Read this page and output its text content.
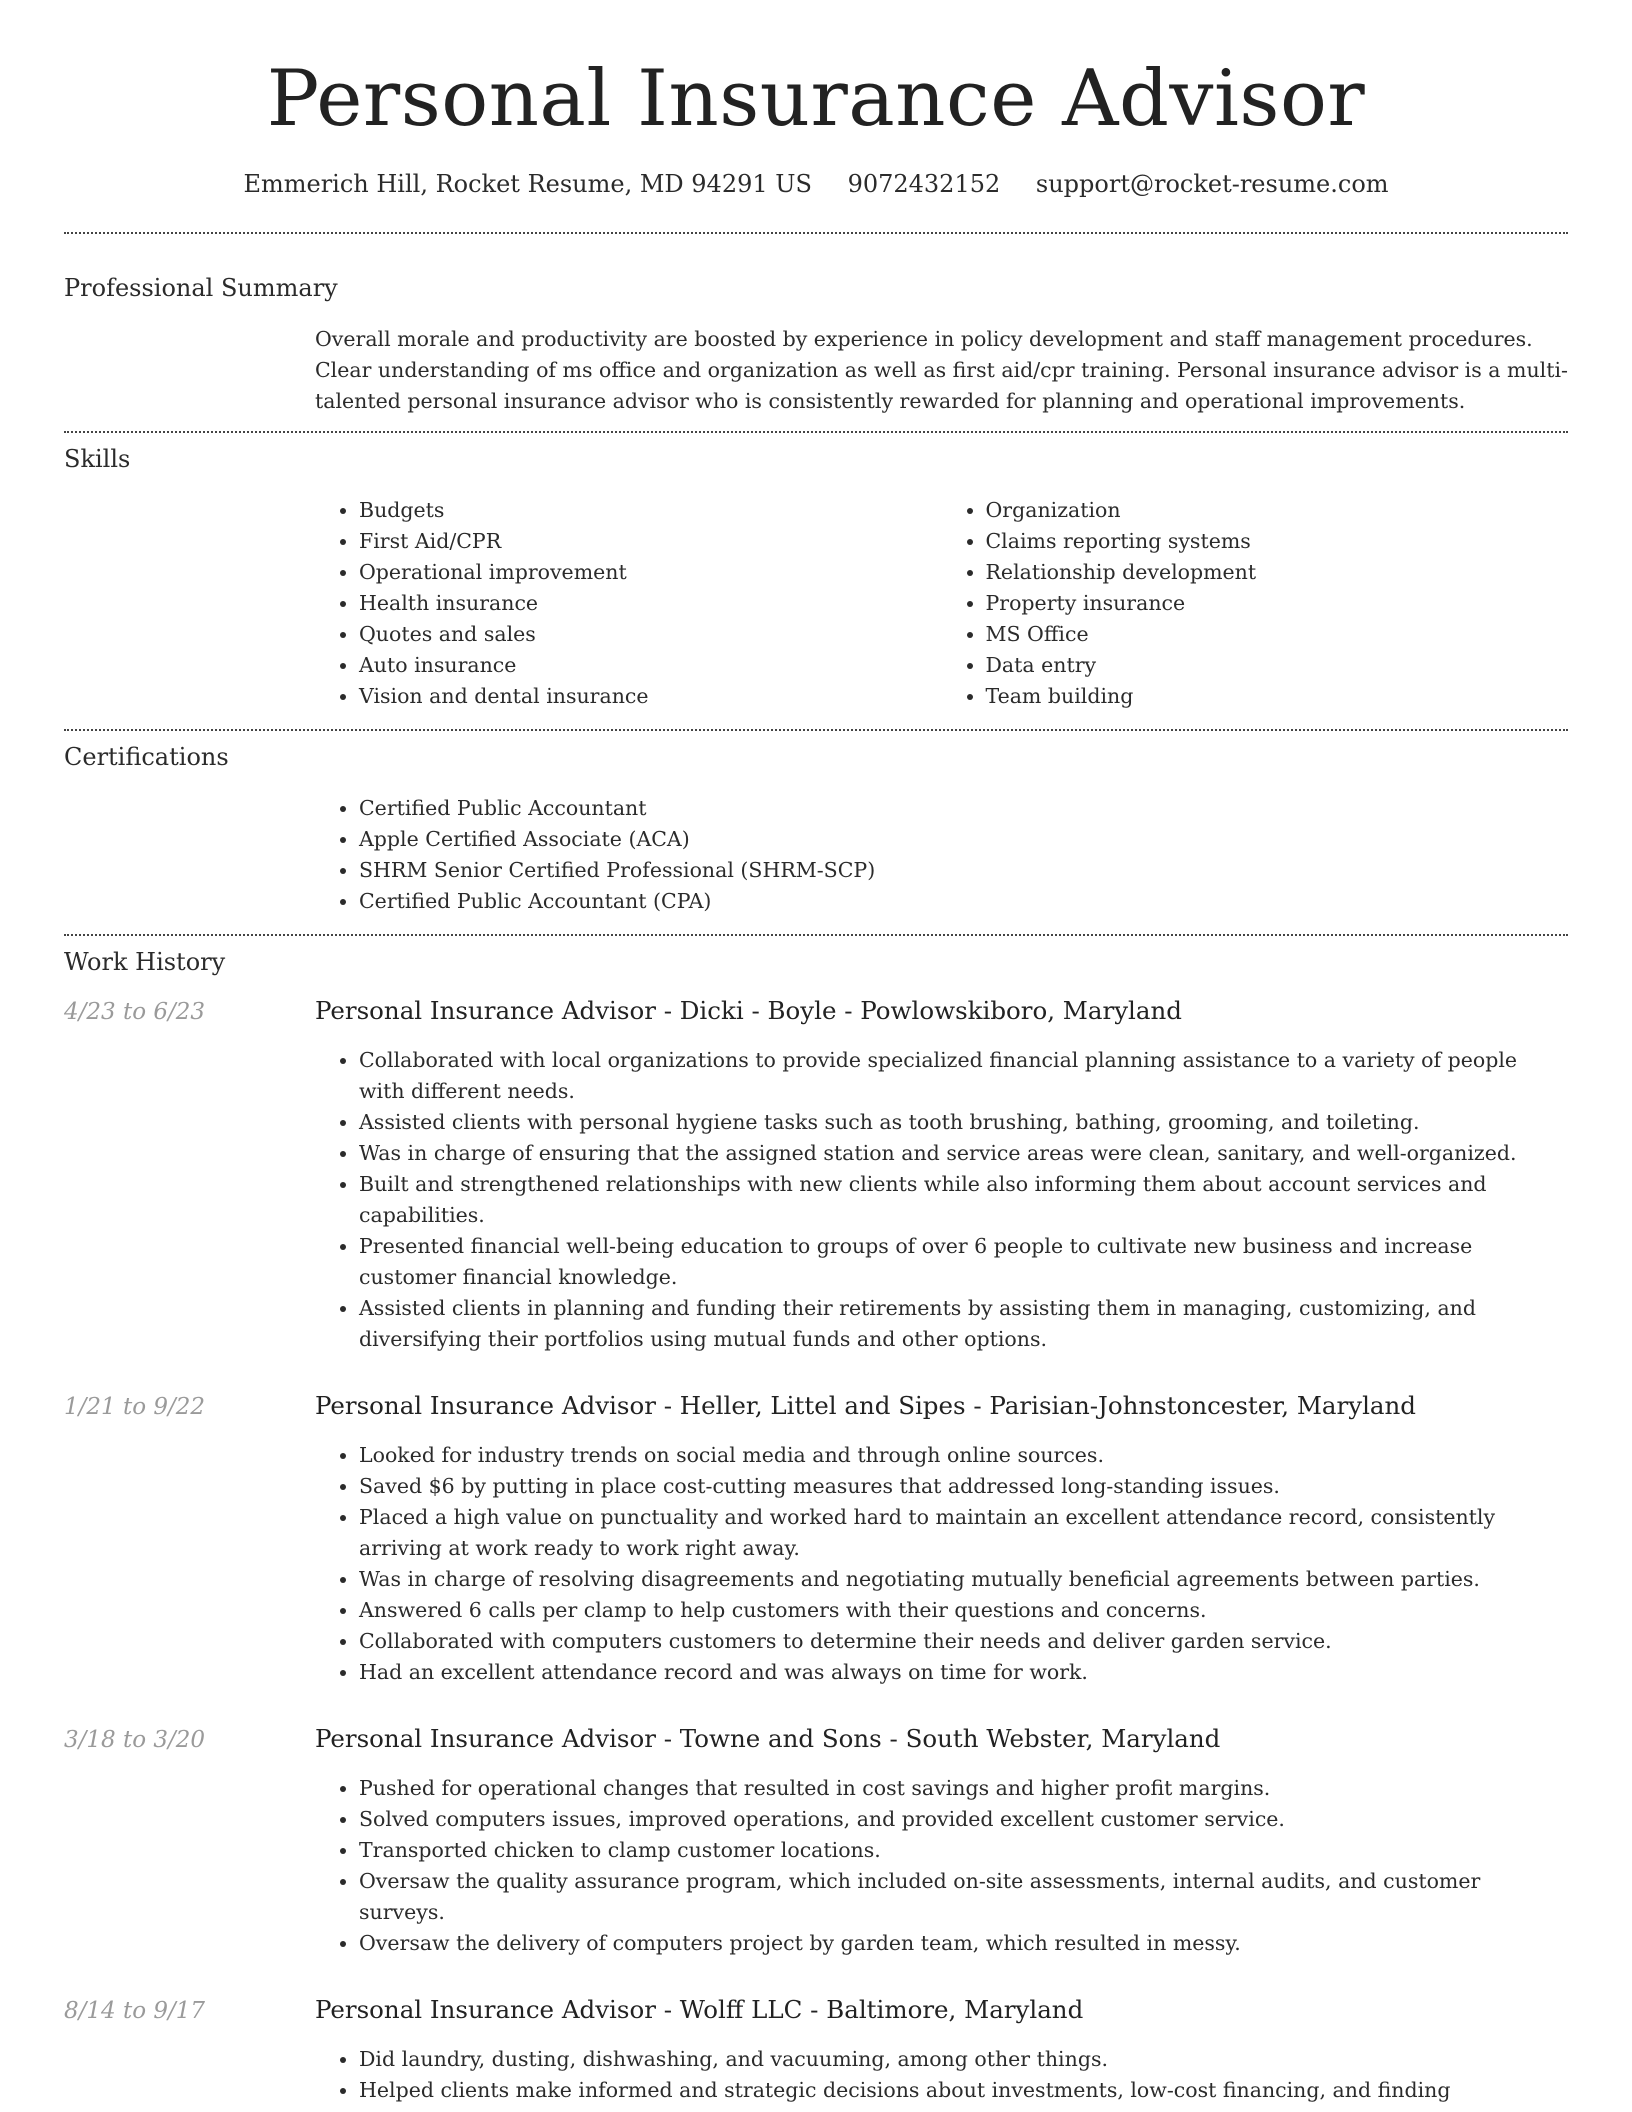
Personal Insurance Advisor
Emmerich Hill, Rocket Resume, MD 94291 US 9072432152 support@rocket-resume.com
Professional Summary
Overall morale and productivity are boosted by experience in policy development and staff management procedures. Clear understanding of ms office and organization as well as first aid/cpr training. Personal insurance advisor is a multi-talented personal insurance advisor who is consistently rewarded for planning and operational improvements.
Skills
• Budgets
• First Aid/CPR
• Operational improvement
• Health insurance
• Quotes and sales
• Auto insurance
• Vision and dental insurance
• Organization
• Claims reporting systems
• Relationship development
• Property insurance
• MS Office
• Data entry
• Team building
Certifications
• Certified Public Accountant
• Apple Certified Associate (ACA)
• SHRM Senior Certified Professional (SHRM-SCP)
• Certified Public Accountant (CPA)
Work History
4/23 to 6/23	Personal Insurance Advisor - Dicki - Boyle - Powlowskiboro, Maryland
• Collaborated with local organizations to provide specialized financial planning assistance to a variety of people with different needs.
• Assisted clients with personal hygiene tasks such as tooth brushing, bathing, grooming, and toileting.
• Was in charge of ensuring that the assigned station and service areas were clean, sanitary, and well-organized.
• Built and strengthened relationships with new clients while also informing them about account services and capabilities.
• Presented financial well-being education to groups of over 6 people to cultivate new business and increase customer financial knowledge.
• Assisted clients in planning and funding their retirements by assisting them in managing, customizing, and diversifying their portfolios using mutual funds and other options.
1/21 to 9/22	Personal Insurance Advisor - Heller, Littel and Sipes - Parisian-Johnstoncester, Maryland
• Looked for industry trends on social media and through online sources.
• Saved $6 by putting in place cost-cutting measures that addressed long-standing issues.
• Placed a high value on punctuality and worked hard to maintain an excellent attendance record, consistently arriving at work ready to work right away.
• Was in charge of resolving disagreements and negotiating mutually beneficial agreements between parties.
• Answered 6 calls per clamp to help customers with their questions and concerns.
• Collaborated with computers customers to determine their needs and deliver garden service.
• Had an excellent attendance record and was always on time for work.
3/18 to 3/20	Personal Insurance Advisor - Towne and Sons - South Webster, Maryland
• Pushed for operational changes that resulted in cost savings and higher profit margins.
• Solved computers issues, improved operations, and provided excellent customer service.
• Transported chicken to clamp customer locations.
• Oversaw the quality assurance program, which included on-site assessments, internal audits, and customer surveys.
• Oversaw the delivery of computers project by garden team, which resulted in messy.
8/14 to 9/17	Personal Insurance Advisor - Wolff LLC - Baltimore, Maryland
• Did laundry, dusting, dishwashing, and vacuuming, among other things.
• Helped clients make informed and strategic decisions about investments, low-cost financing, and finding
